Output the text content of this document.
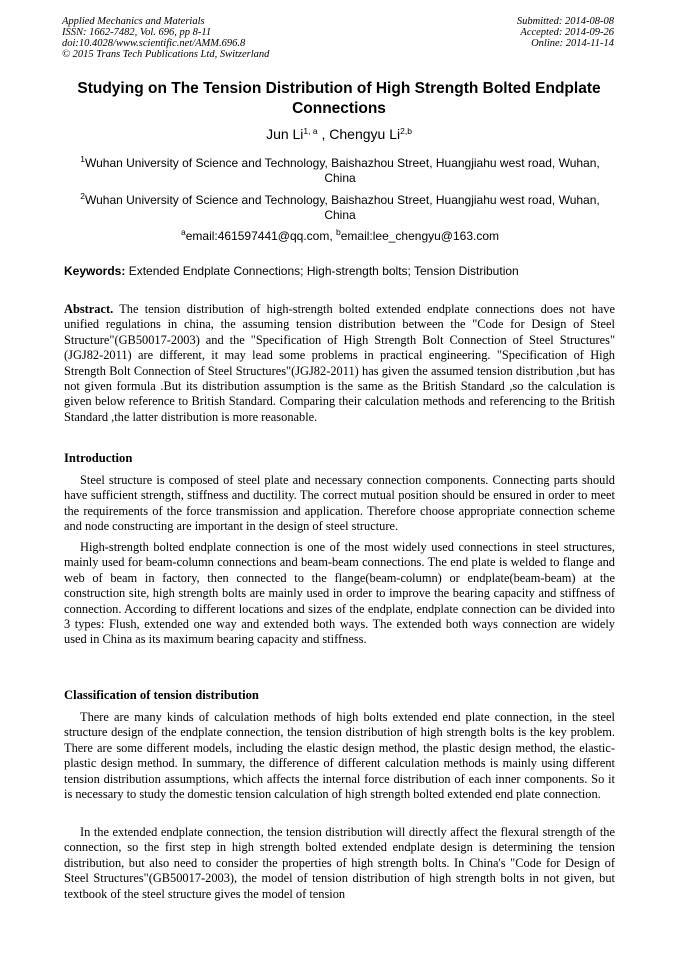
Applied Mechanics and Materials
ISSN: 1662-7482, Vol. 696, pp 8-11
doi:10.4028/www.scientific.net/AMM.696.8
© 2015 Trans Tech Publications Ltd, Switzerland
Submitted: 2014-08-08
Accepted: 2014-09-26
Online: 2014-11-14
Studying on The Tension Distribution of High Strength Bolted Endplate Connections
Jun Li$^{1, a}$ , Chengyu Li$^{2,b}$
$^1$Wuhan University of Science and Technology, Baishazhou Street, Huangjiahu west road, Wuhan, China
$^2$Wuhan University of Science and Technology, Baishazhou Street, Huangjiahu west road, Wuhan, China
$^a$email:461597441@qq.com, $^b$email:lee_chengyu@163.com
Keywords: Extended Endplate Connections; High-strength bolts; Tension Distribution

Abstract. The tension distribution of high-strength bolted extended endplate connections does not have unified regulations in china, the assuming tension distribution between the "Code for Design of Steel Structure"(GB50017-2003) and the "Specification of High Strength Bolt Connection of Steel Structures"(JGJ82-2011) are different, it may lead some problems in practical engineering. "Specification of High Strength Bolt Connection of Steel Structures"(JGJ82-2011) has given the assumed tension distribution ,but has not given formula .But its distribution assumption is the same as the British Standard ,so the calculation is given below reference to British Standard. Comparing their calculation methods and referencing to the British Standard ,the latter distribution is more reasonable.

Introduction

Steel structure is composed of steel plate and necessary connection components. Connecting parts should have sufficient strength, stiffness and ductility. The correct mutual position should be ensured in order to meet the requirements of the force transmission and application. Therefore choose appropriate connection scheme and node constructing are important in the design of steel structure.

High-strength bolted endplate connection is one of the most widely used connections in steel structures, mainly used for beam-column connections and beam-beam connections. The end plate is welded to flange and web of beam in factory, then connected to the flange(beam-column) or endplate(beam-beam) at the construction site, high strength bolts are mainly used in order to improve the bearing capacity and stiffness of connection. According to different locations and sizes of the endplate, endplate connection can be divided into 3 types: Flush, extended one way and extended both ways. The extended both ways connection are widely used in China as its maximum bearing capacity and stiffness.

Classification of tension distribution

There are many kinds of calculation methods of high bolts extended end plate connection, in the steel structure design of the endplate connection, the tension distribution of high strength bolts is the key problem. There are some different models, including the elastic design method, the plastic design method, the elastic-plastic design method. In summary, the difference of different calculation methods is mainly using different tension distribution assumptions, which affects the internal force distribution of each inner components. So it is necessary to study the domestic tension calculation of high strength bolted extended end plate connection.

In the extended endplate connection, the tension distribution will directly affect the flexural strength of the connection, so the first step in high strength bolted extended endplate design is determining the tension distribution, but also need to consider the properties of high strength bolts. In China's "Code for Design of Steel Structures"(GB50017-2003), the model of tension distribution of high strength bolts in not given, but textbook of the steel structure gives the model of tension
